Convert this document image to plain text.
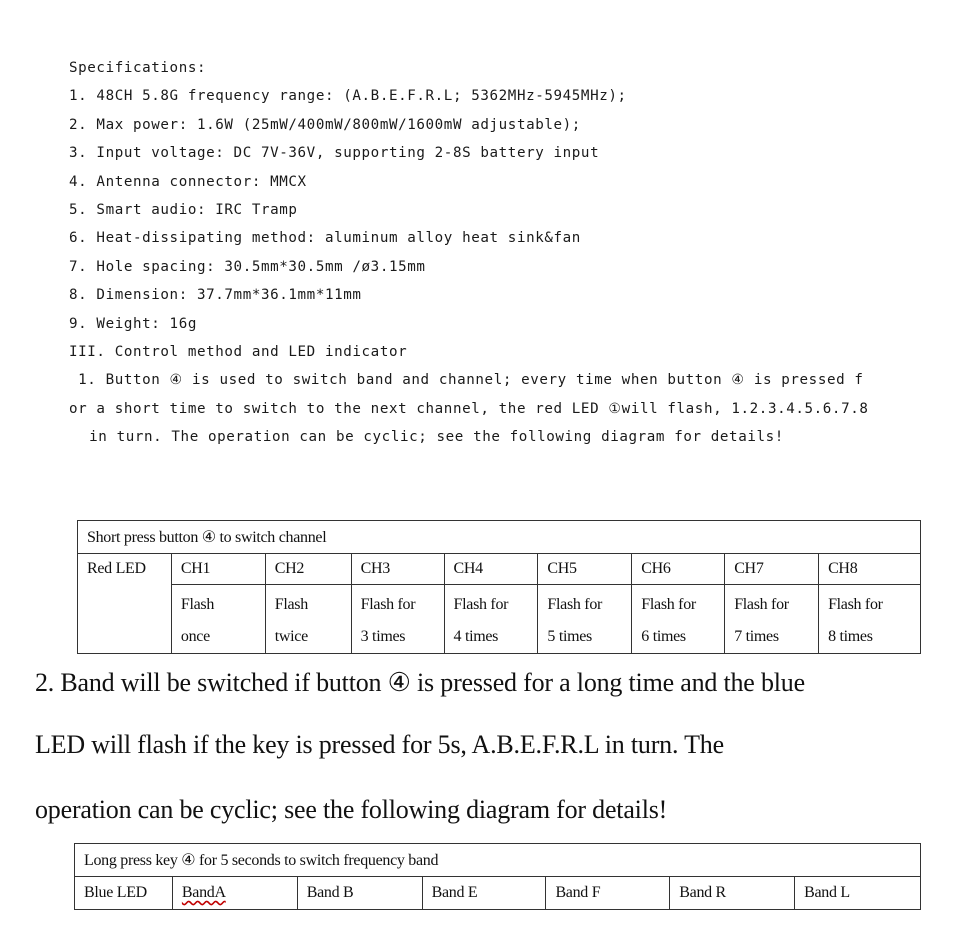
Specifications:
1. 48CH 5.8G frequency range: (A.B.E.F.R.L; 5362MHz-5945MHz);
2. Max power: 1.6W (25mW/400mW/800mW/1600mW adjustable);
3. Input voltage: DC 7V-36V, supporting 2-8S battery input
4. Antenna connector: MMCX
5. Smart audio: IRC Tramp
6. Heat-dissipating method: aluminum alloy heat sink&fan
7. Hole spacing: 30.5mm*30.5mm /ø3.15mm
8. Dimension: 37.7mm*36.1mm*11mm
9. Weight: 16g
III. Control method and LED indicator
1. Button ④ is used to switch band and channel; every time when button ④ is pressed f
or a short time to switch to the next channel, the red LED ①will flash, 1.2.3.4.5.6.7.8
in turn. The operation can be cyclic; see the following diagram for details!
Short press button ④ to switch channel								
Red LED	CH1	CH2	CH3	CH4	CH5	CH6	CH7	CH8
	Flash	Flash	Flash for	Flash for	Flash for	Flash for	Flash for	Flash for
	once	twice	3 times	4 times	5 times	6 times	7 times	8 times
2. Band will be switched if button ④ is pressed for a long time and the blue
LED will flash if the key is pressed for 5s, A.B.E.F.R.L in turn. The
operation can be cyclic; see the following diagram for details!
Long press key ④ for 5 seconds to switch frequency band
Blue LED	BandA	Band B	Band E	Band F	Band R	Band L
